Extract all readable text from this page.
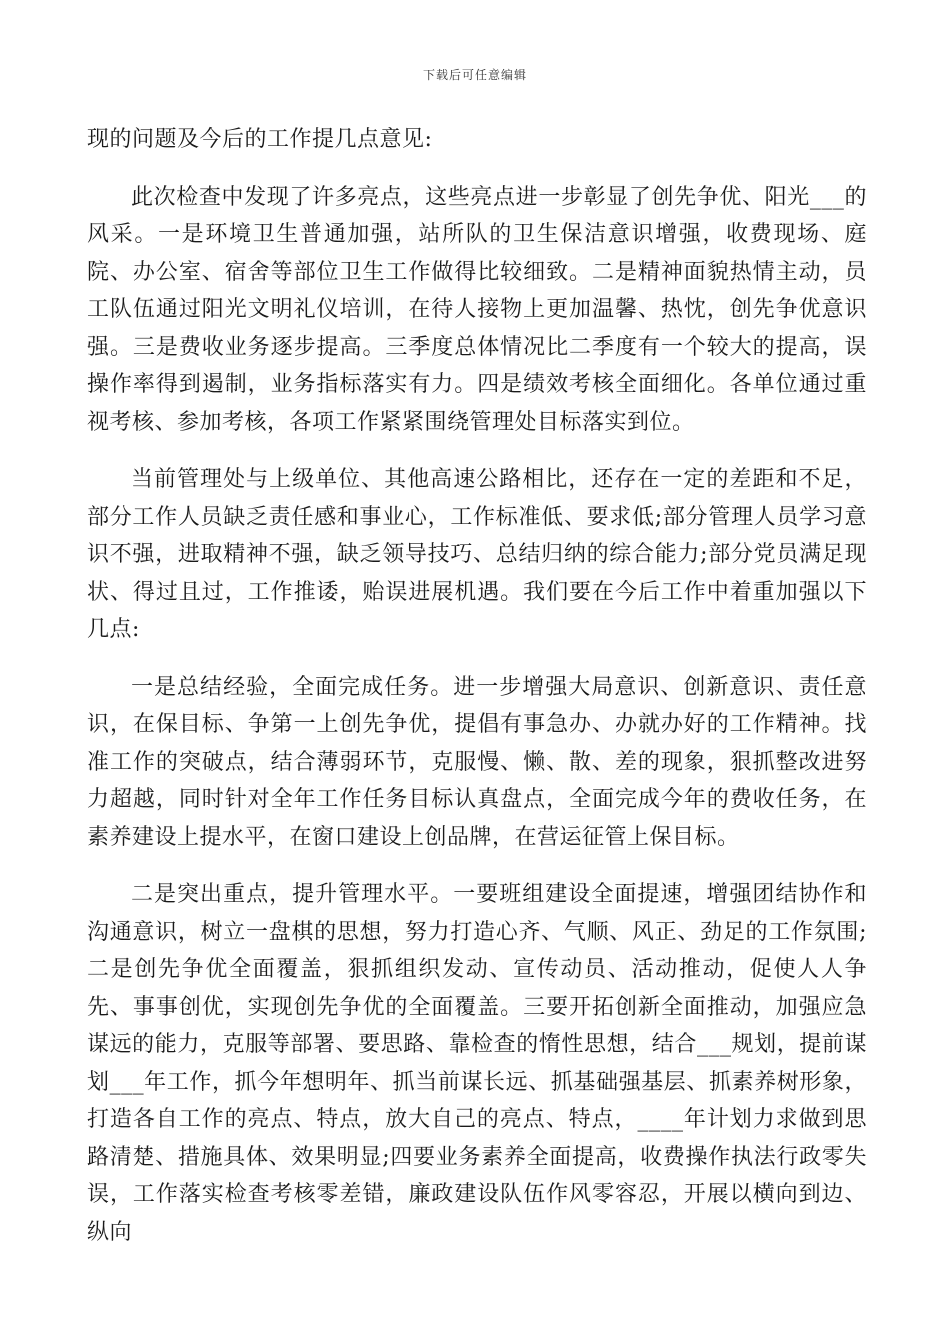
下载后可任意编辑

现的问题及今后的工作提几点意见:

此次检查中发现了许多亮点，这些亮点进一步彰显了创先争优、阳光___的风采。一是环境卫生普通加强，站所队的卫生保洁意识增强，收费现场、庭院、办公室、宿舍等部位卫生工作做得比较细致。二是精神面貌热情主动，员工队伍通过阳光文明礼仪培训，在待人接物上更加温馨、热忱，创先争优意识强。三是费收业务逐步提高。三季度总体情况比二季度有一个较大的提高，误操作率得到遏制，业务指标落实有力。四是绩效考核全面细化。各单位通过重视考核、参加考核，各项工作紧紧围绕管理处目标落实到位。

当前管理处与上级单位、其他高速公路相比，还存在一定的差距和不足，部分工作人员缺乏责任感和事业心，工作标准低、要求低;部分管理人员学习意识不强，进取精神不强，缺乏领导技巧、总结归纳的综合能力;部分党员满足现状、得过且过，工作推诿，贻误进展机遇。我们要在今后工作中着重加强以下几点:

一是总结经验，全面完成任务。进一步增强大局意识、创新意识、责任意识，在保目标、争第一上创先争优，提倡有事急办、办就办好的工作精神。找准工作的突破点，结合薄弱环节，克服慢、懒、散、差的现象，狠抓整改进努力超越，同时针对全年工作任务目标认真盘点，全面完成今年的费收任务，在素养建设上提水平，在窗口建设上创品牌，在营运征管上保目标。

二是突出重点，提升管理水平。一要班组建设全面提速，增强团结协作和沟通意识，树立一盘棋的思想，努力打造心齐、气顺、风正、劲足的工作氛围;二是创先争优全面覆盖，狠抓组织发动、宣传动员、活动推动，促使人人争先、事事创优，实现创先争优的全面覆盖。三要开拓创新全面推动，加强应急谋远的能力，克服等部署、要思路、靠检查的惰性思想，结合___规划，提前谋划___年工作，抓今年想明年、抓当前谋长远、抓基础强基层、抓素养树形象，打造各自工作的亮点、特点，放大自己的亮点、特点，____年计划力求做到思路清楚、措施具体、效果明显;四要业务素养全面提高，收费操作执法行政零失误，工作落实检查考核零差错，廉政建设队伍作风零容忍，开展以横向到边、纵向
